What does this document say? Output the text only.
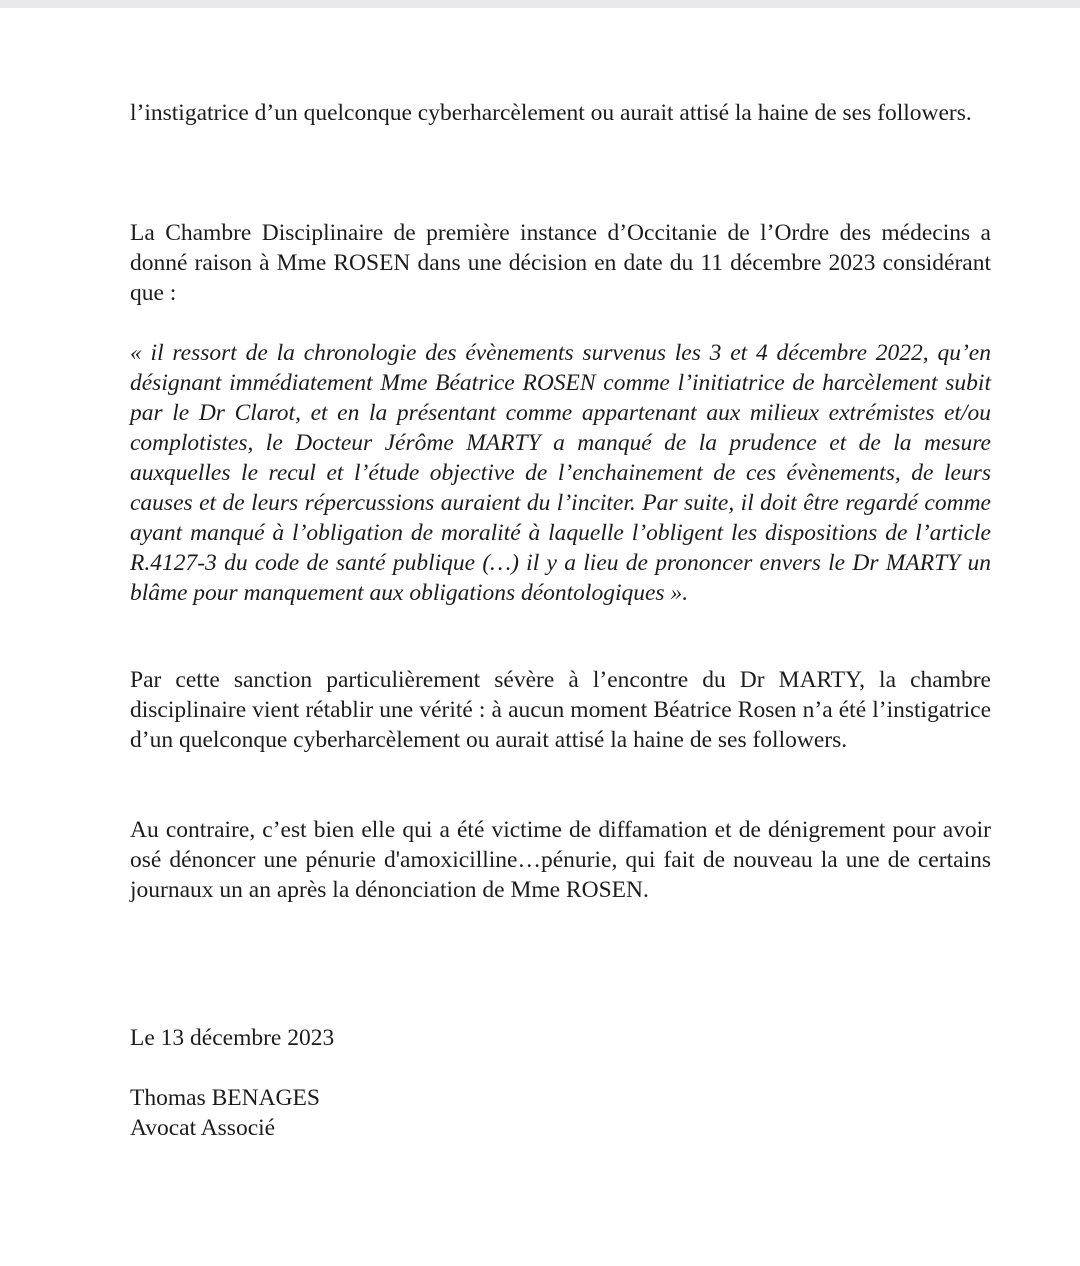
l’instigatrice d’un quelconque cyberharcèlement ou aurait attisé la haine de ses followers.

La Chambre Disciplinaire de première instance d’Occitanie de l’Ordre des médecins a donné raison à Mme ROSEN dans une décision en date du 11 décembre 2023 considérant que :

« il ressort de la chronologie des évènements survenus les 3 et 4 décembre 2022, qu’en désignant immédiatement Mme Béatrice ROSEN comme l’initiatrice de harcèlement subit par le Dr Clarot, et en la présentant comme appartenant aux milieux extrémistes et/ou complotistes, le Docteur Jérôme MARTY a manqué de la prudence et de la mesure auxquelles le recul et l’étude objective de l’enchainement de ces évènements, de leurs causes et de leurs répercussions auraient du l’inciter. Par suite, il doit être regardé comme ayant manqué à l’obligation de moralité à laquelle l’obligent les dispositions de l’article R.4127-3 du code de santé publique (…) il y a lieu de prononcer envers le Dr MARTY un blâme pour manquement aux obligations déontologiques ».

Par cette sanction particulièrement sévère à l’encontre du Dr MARTY, la chambre disciplinaire vient rétablir une vérité : à aucun moment Béatrice Rosen n’a été l’instigatrice d’un quelconque cyberharcèlement ou aurait attisé la haine de ses followers.

Au contraire, c’est bien elle qui a été victime de diffamation et de dénigrement pour avoir osé dénoncer une pénurie d'amoxicilline…pénurie, qui fait de nouveau la une de certains journaux un an après la dénonciation de Mme ROSEN.

Le 13 décembre 2023

Thomas BENAGES

Avocat Associé
